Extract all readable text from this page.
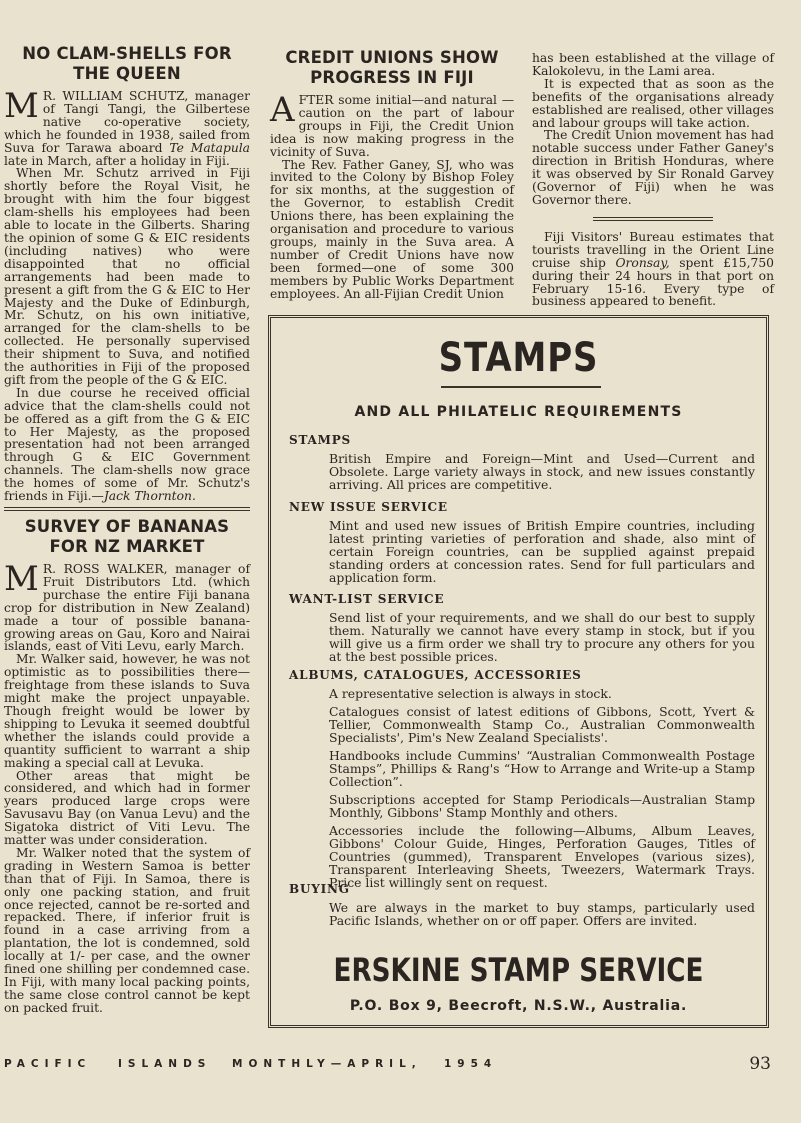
NO CLAM-SHELLS FOR THE QUEEN

M R. WILLIAM SCHUTZ, manager of Tangi Tangi, the Gilbertese native co-operative society, which he founded in 1938, sailed from Suva for Tarawa aboard Te Matapula late in March, after a holiday in Fiji.

When Mr. Schutz arrived in Fiji shortly before the Royal Visit, he brought with him the four biggest clam-shells his employees had been able to locate in the Gilberts. Sharing the opinion of some G & EIC residents (including natives) who were disappointed that no official arrangements had been made to present a gift from the G & EIC to Her Majesty and the Duke of Edinburgh, Mr. Schutz, on his own initiative, arranged for the clam-shells to be collected. He personally supervised their shipment to Suva, and notified the authorities in Fiji of the proposed gift from the people of the G & EIC.

In due course he received official advice that the clam-shells could not be offered as a gift from the G & EIC to Her Majesty, as the proposed presentation had not been arranged through G & EIC Government channels. The clam-shells now grace the homes of some of Mr. Schutz's friends in Fiji.—Jack Thornton.

SURVEY OF BANANAS FOR NZ MARKET

M R. ROSS WALKER, manager of Fruit Distributors Ltd. (which purchase the entire Fiji banana crop for distribution in New Zealand) made a tour of possible banana-growing areas on Gau, Koro and Nairai islands, east of Viti Levu, early March.

Mr. Walker said, however, he was not optimistic as to possibilities there—freightage from these islands to Suva might make the project unpayable. Though freight would be lower by shipping to Levuka it seemed doubtful whether the islands could provide a quantity sufficient to warrant a ship making a special call at Levuka.

Other areas that might be considered, and which had in former years produced large crops were Savusavu Bay (on Vanua Levu) and the Sigatoka district of Viti Levu. The matter was under consideration.

Mr. Walker noted that the system of grading in Western Samoa is better than that of Fiji. In Samoa, there is only one packing station, and fruit once rejected, cannot be re-sorted and repacked. There, if inferior fruit is found in a case arriving from a plantation, the lot is condemned, sold locally at 1/- per case, and the owner fined one shilling per condemned case. In Fiji, with many local packing points, the same close control cannot be kept on packed fruit.

CREDIT UNIONS SHOW PROGRESS IN FIJI

AFTER some initial—and natural —caution on the part of labour groups in Fiji, the Credit Union idea is now making progress in the vicinity of Suva.

The Rev. Father Ganey, SJ, who was invited to the Colony by Bishop Foley for six months, at the suggestion of the Governor, to establish Credit Unions there, has been explaining the organisation and procedure to various groups, mainly in the Suva area. A number of Credit Unions have now been formed—one of some 300 members by Public Works Department employees. An all-Fijian Credit Union

has been established at the village of Kalokolevu, in the Lami area.

It is expected that as soon as the benefits of the organisations already established are realised, other villages and labour groups will take action.

The Credit Union movement has had notable success under Father Ganey's direction in British Honduras, where it was observed by Sir Ronald Garvey (Governor of Fiji) when he was Governor there.

Fiji Visitors' Bureau estimates that tourists travelling in the Orient Line cruise ship Oronsay, spent £15,750 during their 24 hours in that port on February 15-16. Every type of business appeared to benefit.

STAMPS
AND ALL PHILATELIC REQUIREMENTS
STAMPS

British Empire and Foreign—Mint and Used—Current and Obsolete. Large variety always in stock, and new issues constantly arriving. All prices are competitive.

NEW ISSUE SERVICE

Mint and used new issues of British Empire countries, including latest printing varieties of perforation and shade, also mint of certain Foreign countries, can be supplied against prepaid standing orders at concession rates. Send for full particulars and application form.

WANT-LIST SERVICE

Send list of your requirements, and we shall do our best to supply them. Naturally we cannot have every stamp in stock, but if you will give us a firm order we shall try to procure any others for you at the best possible prices.

ALBUMS, CATALOGUES, ACCESSORIES

A representative selection is always in stock.

Catalogues consist of latest editions of Gibbons, Scott, Yvert & Tellier, Commonwealth Stamp Co., Australian Commonwealth Specialists', Pim's New Zealand Specialists'.

Handbooks include Cummins' “Australian Commonwealth Postage Stamps”, Phillips & Rang's “How to Arrange and Write-up a Stamp Collection”.

Subscriptions accepted for Stamp Periodicals—Australian Stamp Monthly, Gibbons' Stamp Monthly and others.

Accessories include the following—Albums, Album Leaves, Gibbons' Colour Guide, Hinges, Perforation Gauges, Titles of Countries (gummed), Transparent Envelopes (various sizes), Transparent Interleaving Sheets, Tweezers, Watermark Trays. Price list willingly sent on request.

BUYING

We are always in the market to buy stamps, particularly used Pacific Islands, whether on or off paper. Offers are invited.

ERSKINE STAMP SERVICE
P.O. Box 9, Beecroft, N.S.W., Australia.
PACIFIC	ISLANDS MONTHLY—APRIL, 1954	93
